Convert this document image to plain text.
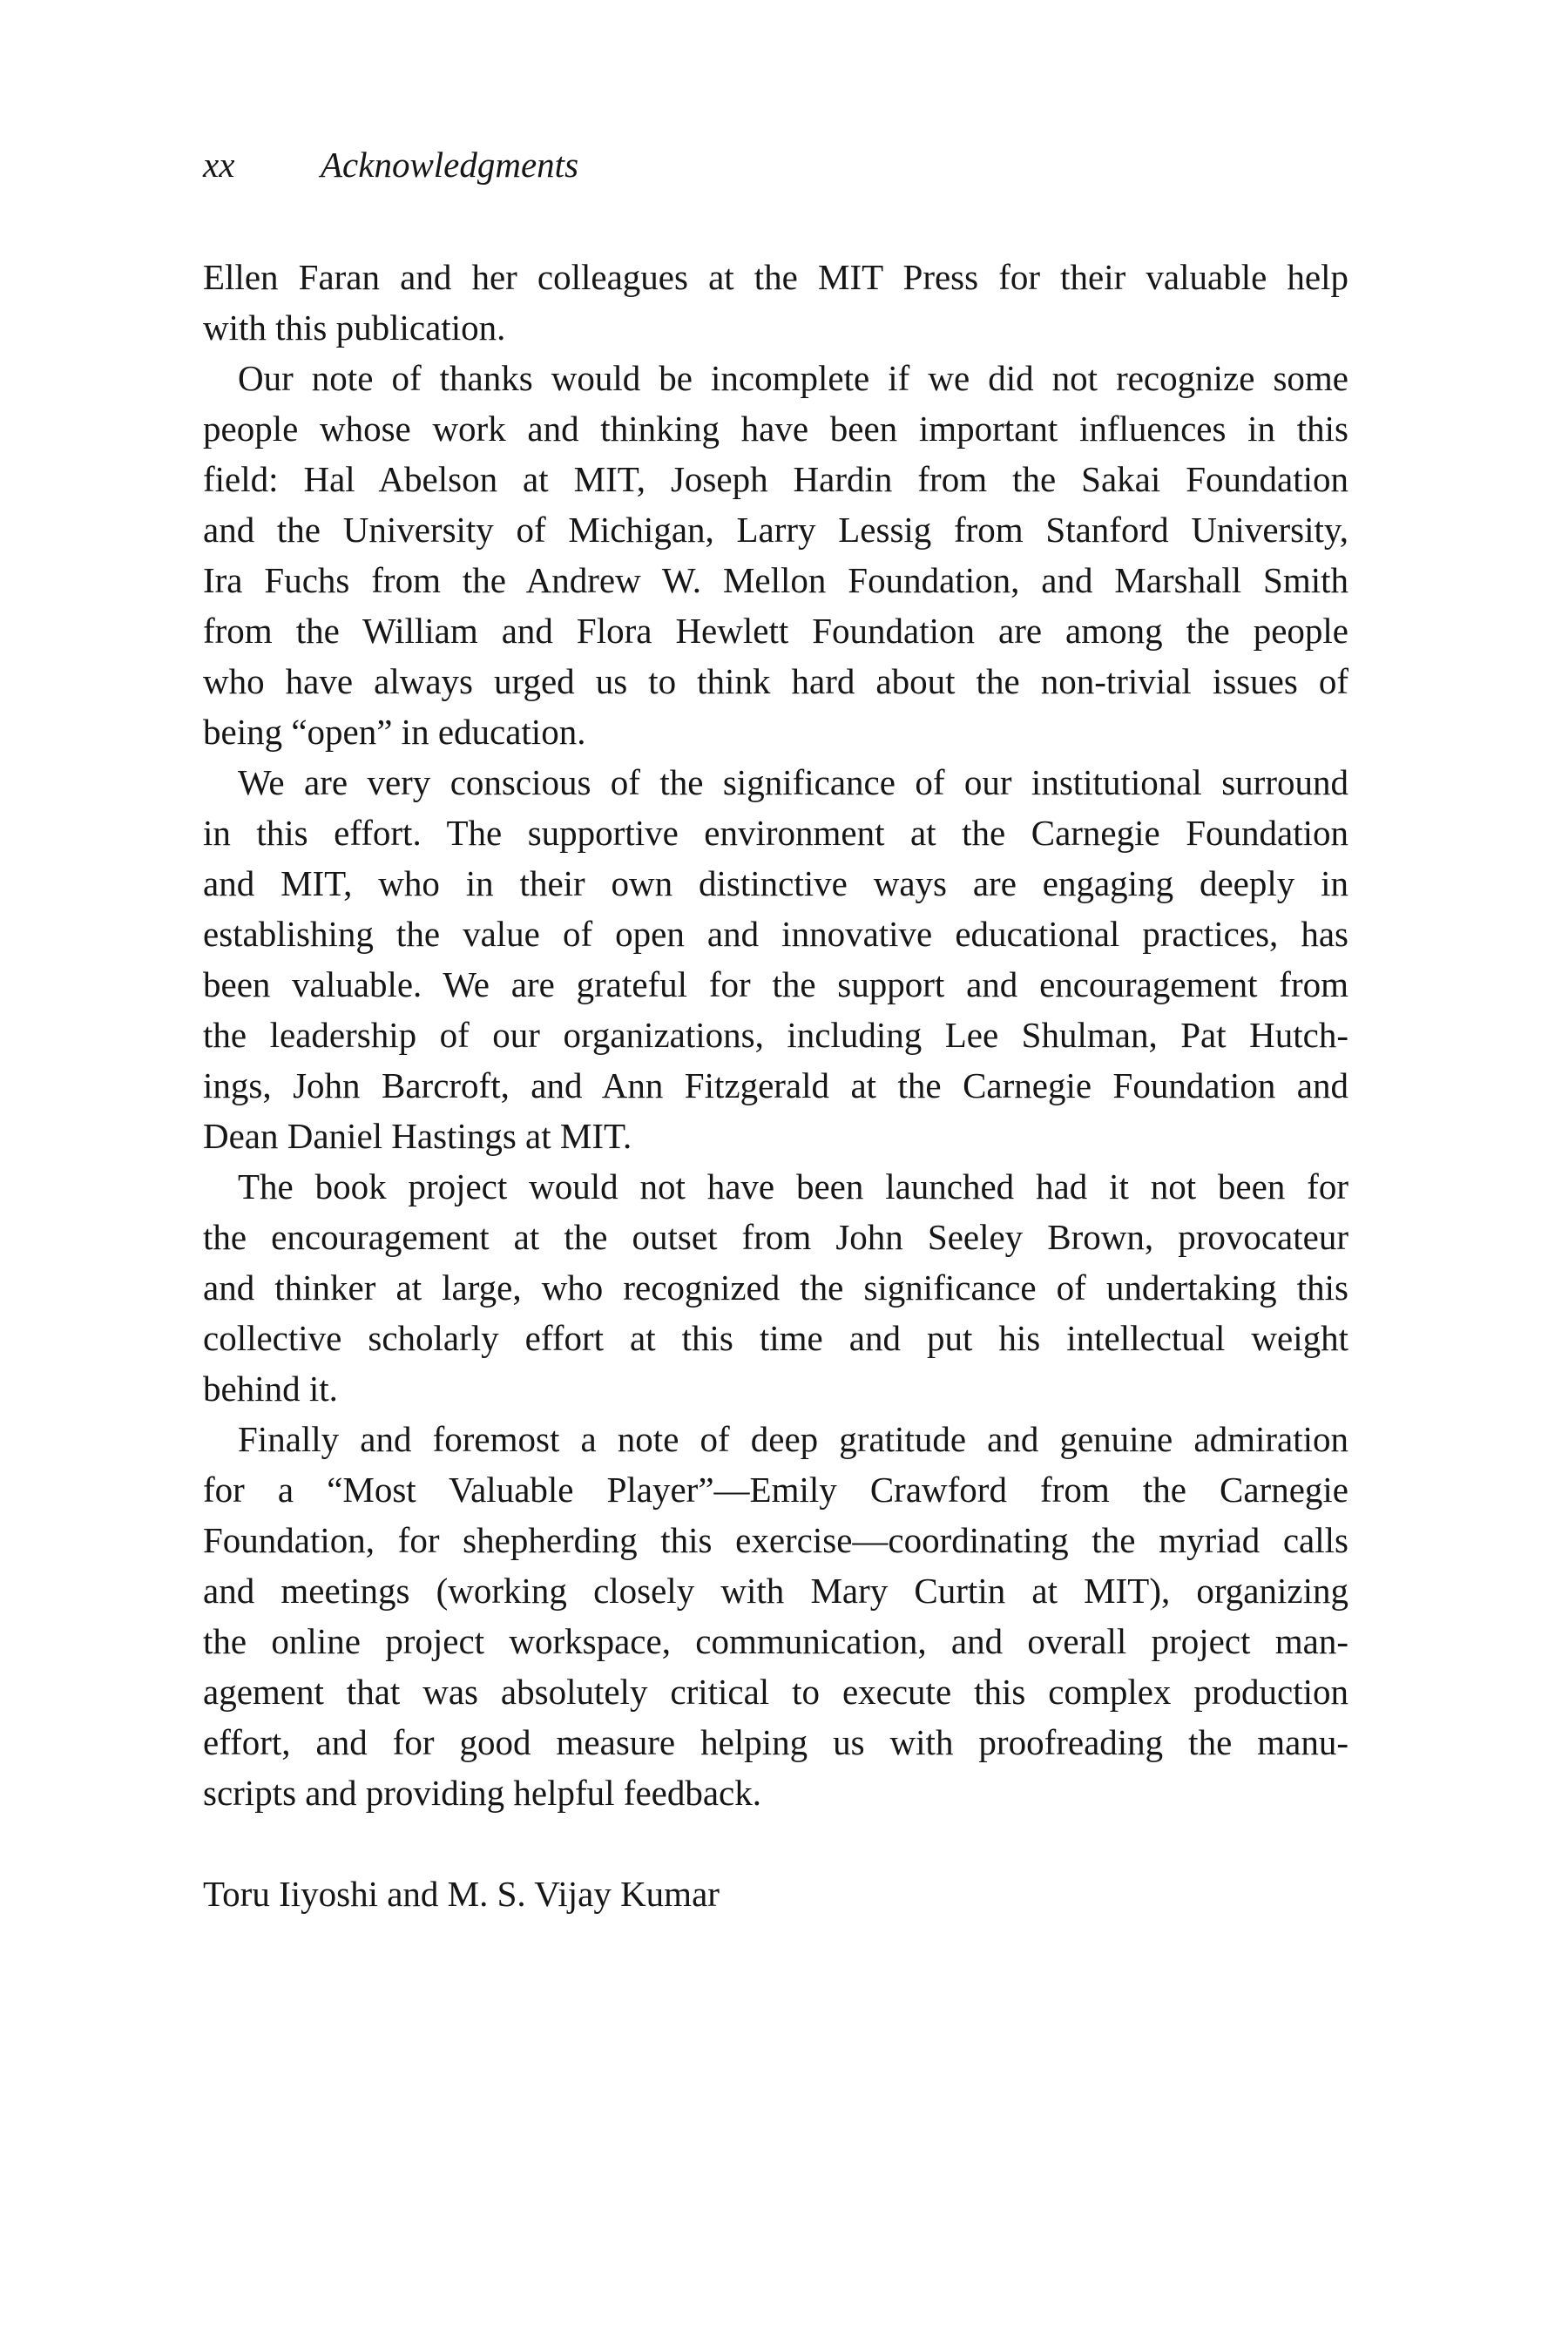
xx Acknowledgments
Ellen Faran and her colleagues at the MIT Press for their valuable help
with this publication.
Our note of thanks would be incomplete if we did not recognize some
people whose work and thinking have been important influences in this
field: Hal Abelson at MIT, Joseph Hardin from the Sakai Foundation
and the University of Michigan, Larry Lessig from Stanford University,
Ira Fuchs from the Andrew W. Mellon Foundation, and Marshall Smith
from the William and Flora Hewlett Foundation are among the people
who have always urged us to think hard about the non-trivial issues of
being “open” in education.
We are very conscious of the significance of our institutional surround
in this effort. The supportive environment at the Carnegie Foundation
and MIT, who in their own distinctive ways are engaging deeply in
establishing the value of open and innovative educational practices, has
been valuable. We are grateful for the support and encouragement from
the leadership of our organizations, including Lee Shulman, Pat Hutch-
ings, John Barcroft, and Ann Fitzgerald at the Carnegie Foundation and
Dean Daniel Hastings at MIT.
The book project would not have been launched had it not been for
the encouragement at the outset from John Seeley Brown, provocateur
and thinker at large, who recognized the significance of undertaking this
collective scholarly effort at this time and put his intellectual weight
behind it.
Finally and foremost a note of deep gratitude and genuine admiration
for a “Most Valuable Player”—Emily Crawford from the Carnegie
Foundation, for shepherding this exercise—coordinating the myriad calls
and meetings (working closely with Mary Curtin at MIT), organizing
the online project workspace, communication, and overall project man-
agement that was absolutely critical to execute this complex production
effort, and for good measure helping us with proofreading the manu-
scripts and providing helpful feedback.
Toru Iiyoshi and M. S. Vijay Kumar
